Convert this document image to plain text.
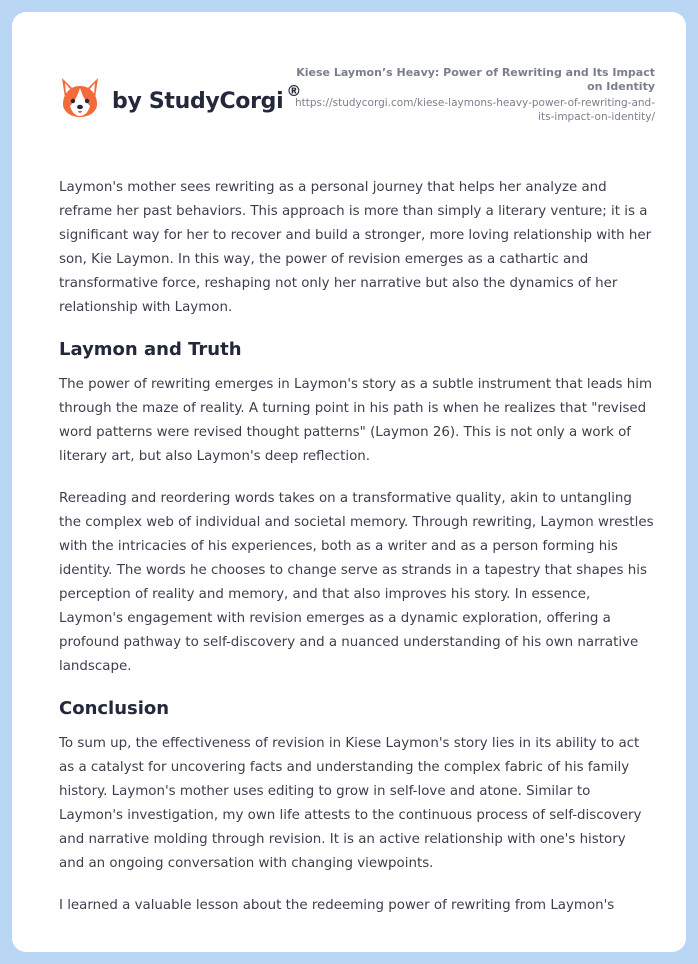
by StudyCorgi ®
Kiese Laymon’s Heavy: Power of Rewriting and Its Impact on Identity
https://studycorgi.com/kiese-laymons-heavy-power-of-rewriting-and-its-impact-on-identity/

Laymon's mother sees rewriting as a personal journey that helps her analyze and reframe her past behaviors. This approach is more than simply a literary venture; it is a significant way for her to recover and build a stronger, more loving relationship with her son, Kie Laymon. In this way, the power of revision emerges as a cathartic and transformative force, reshaping not only her narrative but also the dynamics of her relationship with Laymon.

Laymon and Truth

The power of rewriting emerges in Laymon's story as a subtle instrument that leads him through the maze of reality. A turning point in his path is when he realizes that "revised word patterns were revised thought patterns" (Laymon 26). This is not only a work of literary art, but also Laymon's deep reflection.

Rereading and reordering words takes on a transformative quality, akin to untangling the complex web of individual and societal memory. Through rewriting, Laymon wrestles with the intricacies of his experiences, both as a writer and as a person forming his identity. The words he chooses to change serve as strands in a tapestry that shapes his perception of reality and memory, and that also improves his story. In essence, Laymon's engagement with revision emerges as a dynamic exploration, offering a profound pathway to self-discovery and a nuanced understanding of his own narrative landscape.

Conclusion

To sum up, the effectiveness of revision in Kiese Laymon's story lies in its ability to act as a catalyst for uncovering facts and understanding the complex fabric of his family history. Laymon's mother uses editing to grow in self-love and atone. Similar to Laymon's investigation, my own life attests to the continuous process of self-discovery and narrative molding through revision. It is an active relationship with one's history and an ongoing conversation with changing viewpoints.

I learned a valuable lesson about the redeeming power of rewriting from Laymon's
